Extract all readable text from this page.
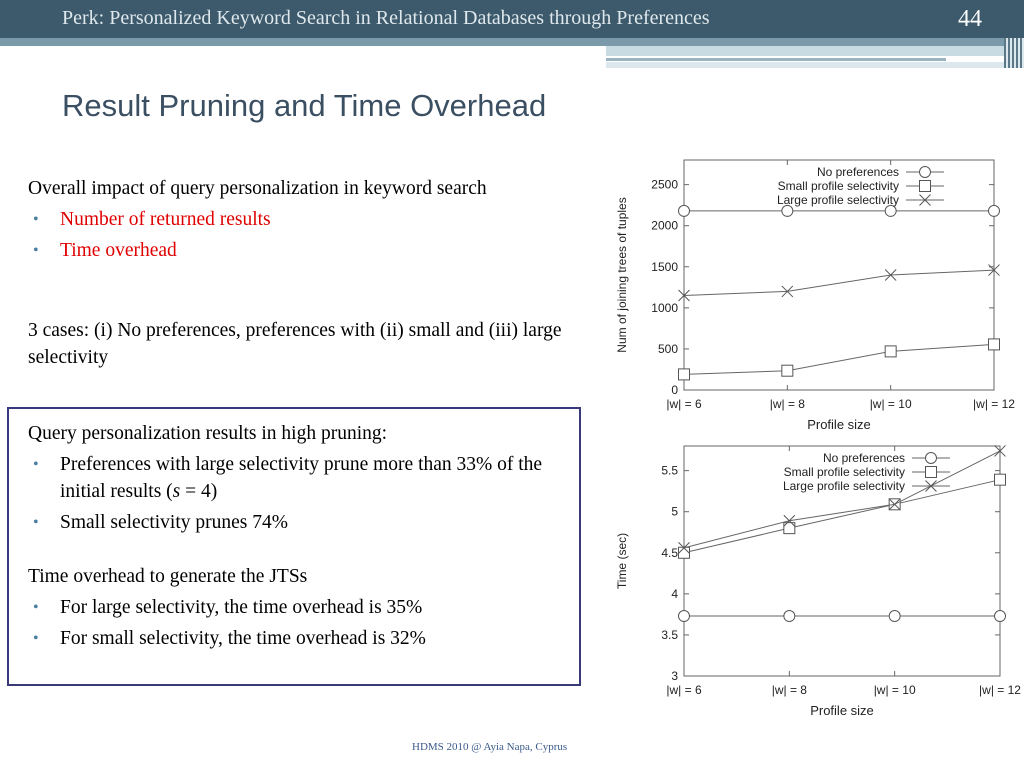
Perk: Personalized Keyword Search in Relational Databases through Preferences	44
Result Pruning and Time Overhead
Overall impact of query personalization in keyword search
• Number of returned results
• Time overhead
3 cases: (i) No preferences, preferences with (ii) small and (iii) large selectivity
Query personalization results in high pruning:
• Preferences with large selectivity prune more than 33% of the initial results (s = 4)
• Small selectivity prunes 74%
Time overhead to generate the JTSs
• For large selectivity, the time overhead is 35%
• For small selectivity, the time overhead is 32%
0
500
1000
1500
2000
2500
|w| = 6	|w| = 8	|w| = 10	|w| = 12
Profile size
Num of joining trees of tuples
No preferences
Small profile selectivity
Large profile selectivity
3
3.5
4
4.5
5
5.5
|w| = 6	|w| = 8	|w| = 10	|w| = 12
Profile size
Time (sec)
No preferences
Small profile selectivity
Large profile selectivity
HDMS 2010 @ Ayia Napa, Cyprus
